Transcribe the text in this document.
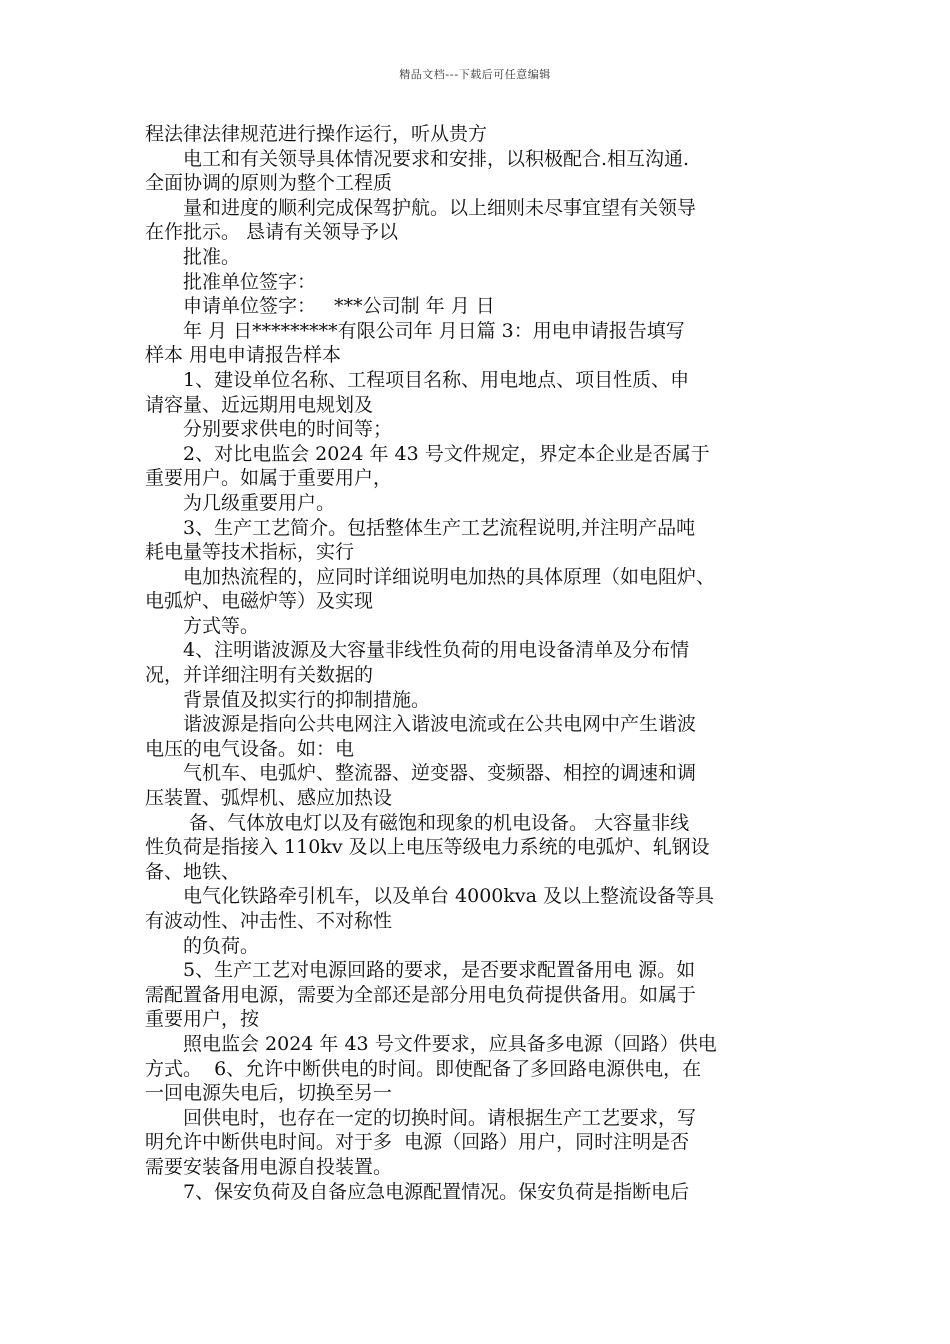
精品文档---下载后可任意编辑
程法律法律规范进行操作运行，听从贵方
　　电工和有关领导具体情况要求和安排，以积极配合.相互沟通.
全面协调的原则为整个工程质
　　量和进度的顺利完成保驾护航。以上细则未尽事宜望有关领导
在作批示。 恳请有关领导予以
　　批准。
　　批准单位签字：
　　申请单位签字：   ***公司制 年 月 日
　　年 月 日*********有限公司年 月日篇 3：用电申请报告填写
样本 用电申请报告样本
　　1、建设单位名称、工程项目名称、用电地点、项目性质、申
请容量、近远期用电规划及
　　分别要求供电的时间等；
　　2、对比电监会 2024 年 43 号文件规定，界定本企业是否属于
重要用户。如属于重要用户，
　　为几级重要用户。
　　3、生产工艺简介。包括整体生产工艺流程说明,并注明产品吨
耗电量等技术指标，实行
　　电加热流程的，应同时详细说明电加热的具体原理（如电阻炉、
电弧炉、电磁炉等）及实现
　　方式等。
　　4、注明谐波源及大容量非线性负荷的用电设备清单及分布情
况，并详细注明有关数据的
　　背景值及拟实行的抑制措施。
　　谐波源是指向公共电网注入谐波电流或在公共电网中产生谐波
电压的电气设备。如：电
　　气机车、电弧炉、整流器、逆变器、变频器、相控的调速和调
压装置、弧焊机、感应加热设
　　 备、气体放电灯以及有磁饱和现象的机电设备。 大容量非线
性负荷是指接入 110kv 及以上电压等级电力系统的电弧炉、轧钢设
备、地铁、
　　电气化铁路牵引机车，以及单台 4000kva 及以上整流设备等具
有波动性、冲击性、不对称性
　　的负荷。
　　5、生产工艺对电源回路的要求，是否要求配置备用电 源。如
需配置备用电源，需要为全部还是部分用电负荷提供备用。如属于
重要用户，按
　　照电监会 2024 年 43 号文件要求，应具备多电源（回路）供电
方式。  6、允许中断供电的时间。即使配备了多回路电源供电，在
一回电源失电后，切换至另一
　　回供电时，也存在一定的切换时间。请根据生产工艺要求，写
明允许中断供电时间。对于多  电源（回路）用户，同时注明是否
需要安装备用电源自投装置。
　　7、保安负荷及自备应急电源配置情况。保安负荷是指断电后
